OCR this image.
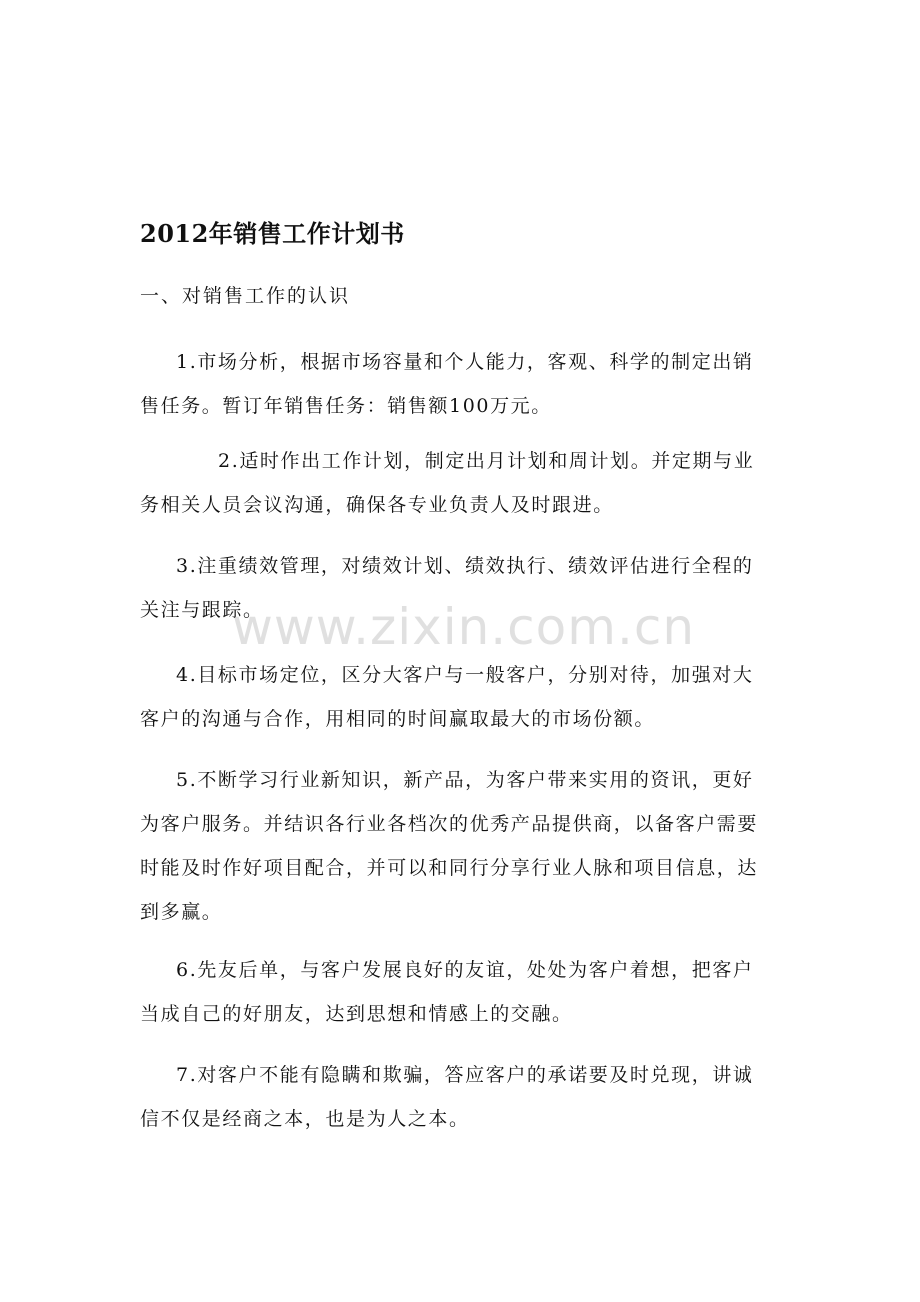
2012年销售工作计划书
一、对销售工作的认识
1.市场分析，根据市场容量和个人能力，客观、科学的制定出销
售任务。暂订年销售任务：销售额100万元。
2.适时作出工作计划，制定出月计划和周计划。并定期与业
务相关人员会议沟通，确保各专业负责人及时跟进。
3.注重绩效管理，对绩效计划、绩效执行、绩效评估进行全程的
关注与跟踪。
4.目标市场定位，区分大客户与一般客户，分别对待，加强对大
客户的沟通与合作，用相同的时间赢取最大的市场份额。
5.不断学习行业新知识，新产品，为客户带来实用的资讯，更好
为客户服务。并结识各行业各档次的优秀产品提供商，以备客户需要
时能及时作好项目配合，并可以和同行分享行业人脉和项目信息，达
到多赢。
6.先友后单，与客户发展良好的友谊，处处为客户着想，把客户
当成自己的好朋友，达到思想和情感上的交融。
7.对客户不能有隐瞒和欺骗，答应客户的承诺要及时兑现，讲诚
信不仅是经商之本，也是为人之本。
www.zixin.com.cn
